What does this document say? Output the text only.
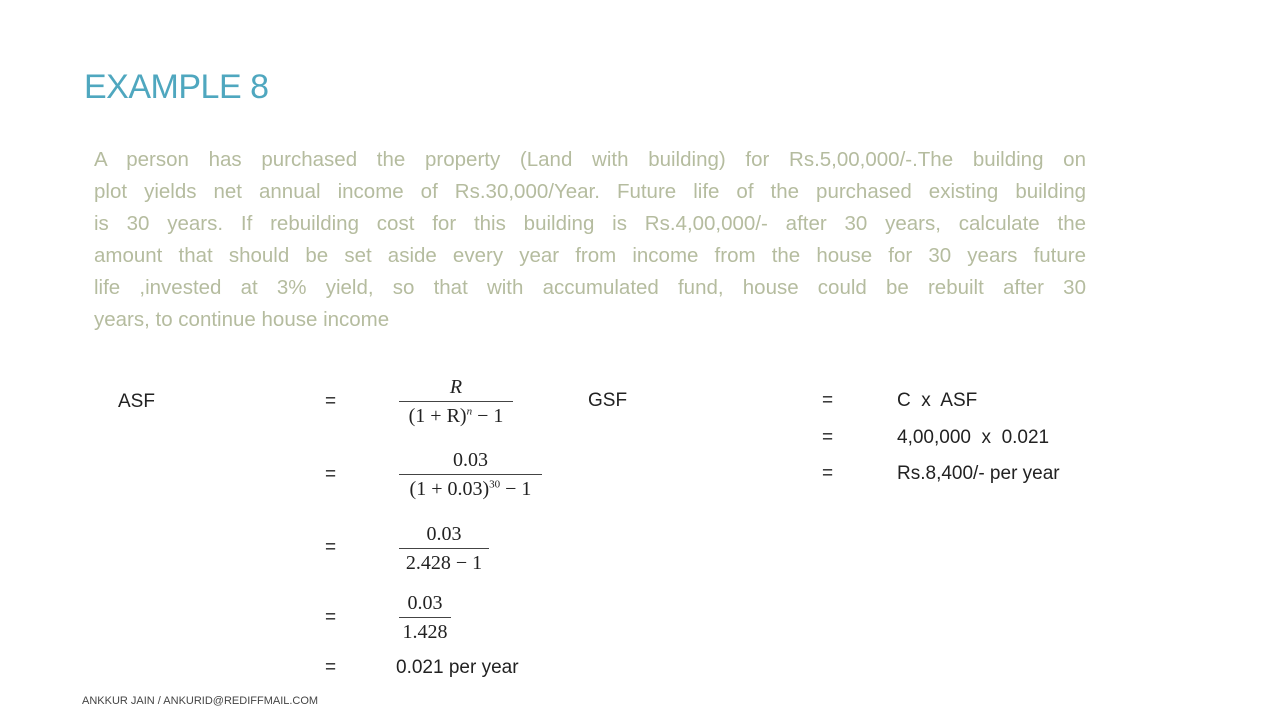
EXAMPLE 8
A person has purchased the property (Land with building) for Rs.5,00,000/-.The building on
plot yields net annual income of Rs.30,000/Year. Future life of the purchased existing building
is 30 years. If rebuilding cost for this building is Rs.4,00,000/- after 30 years, calculate the
amount that should be set aside every year from income from the house for 30 years future
life ,invested at 3% yield, so that with accumulated fund, house could be rebuilt after 30
years, to continue house income
ASF	=
=
=
=
=
$\frac{R}{(1 + R)^n - 1}$
$\frac{0.03}{(1 + 0.03)^{30} - 1}$
$\frac{0.03}{2.428 - 1}$
$\frac{0.03}{1.428}$
0.021 per year
GSF	=
=
=
C  x  ASF
4,00,000  x  0.021
Rs.8,400/- per year
ANKKUR JAIN / ANKURID@REDIFFMAIL.COM
